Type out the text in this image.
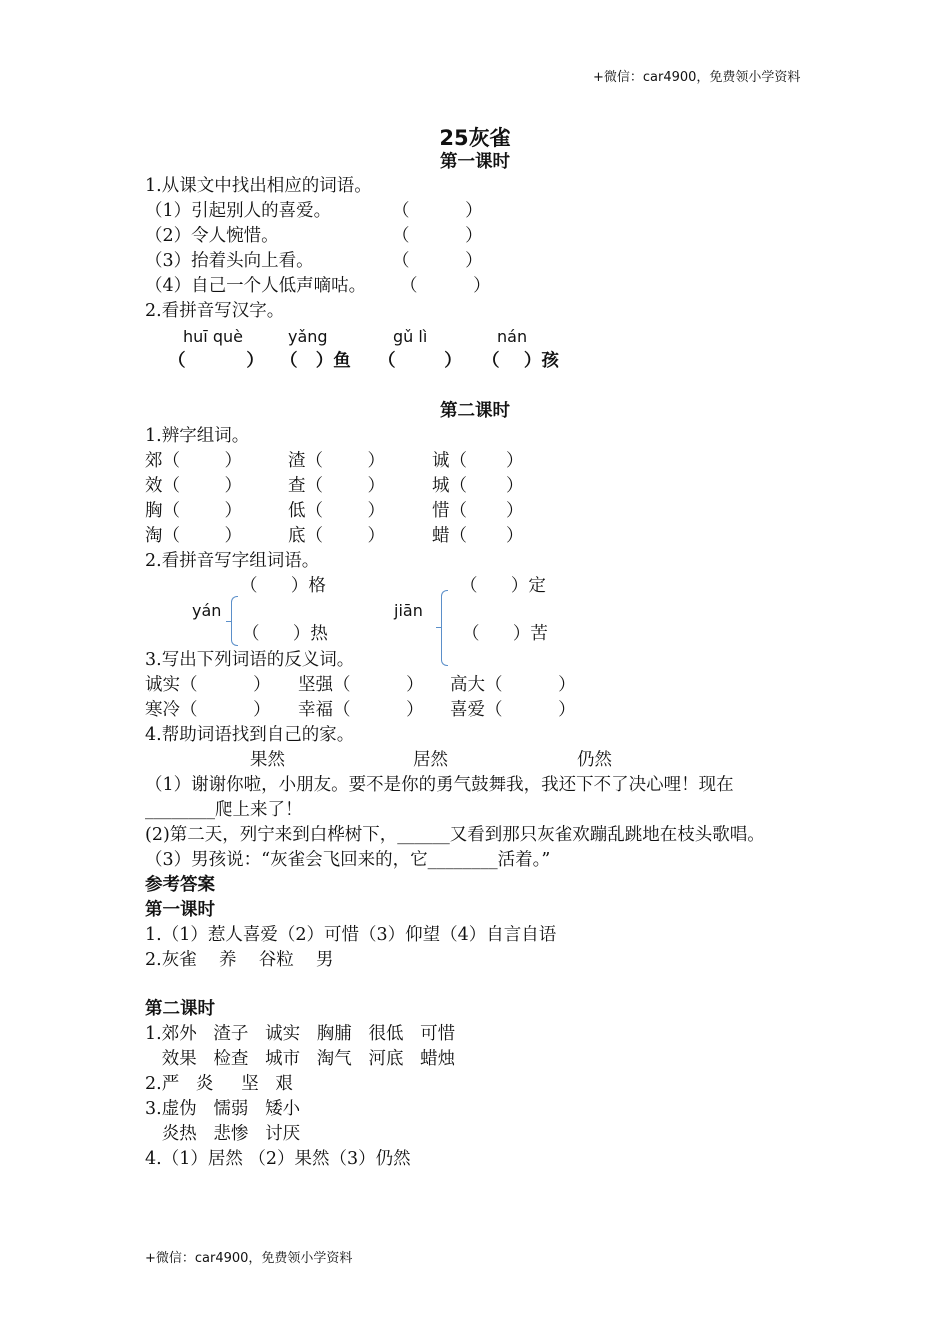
+微信：car4900，免费领小学资料
25灰雀
第一课时
1.从课文中找出相应的词语。
（1）引起别人的喜爱。	（          ）
（2）令人惋惜。	（          ）
（3）抬着头向上看。	（          ）
（4）自己一个人低声嘀咕。 （          ）
2.看拼音写汉字。
huī què	yǎng	gǔ lì	nán
（          ） （   ）鱼 （        ） （    ）孩
第二课时
1.辨字组词。
郊（        ）	渣（        ）	诚（       ）
效（        ）	查（        ）	城（       ）
胸（        ）	低（        ）	惜（       ）
淘（        ）	底（        ）	蜡（       ）
2.看拼音写字组词语。
（      ）格
yán
（      ）热
（      ）定
jiān
（      ）苦
3.写出下列词语的反义词。
诚实（          ） 坚强（          ） 高大（          ）
寒冷（          ） 幸福（          ） 喜爱（          ）
4.帮助词语找到自己的家。
果然	居然	仍然
（1）谢谢你啦，小朋友。要不是你的勇气鼓舞我，我还下不了决心哩！现在
________爬上来了！
(2)第二天，列宁来到白桦树下，______又看到那只灰雀欢蹦乱跳地在枝头歌唱。
（3）男孩说：“灰雀会飞回来的，它________活着。”
参考答案
第一课时
1.（1）惹人喜爱（2）可惜（3）仰望（4）自言自语
2.灰雀    养    谷粒    男
第二课时
1.郊外   渣子   诚实   胸脯   很低   可惜
效果   检查   城市   淘气   河底   蜡烛
2.严   炎     坚   艰
3.虚伪   懦弱   矮小
炎热   悲惨   讨厌
4.（1）居然 （2）果然（3）仍然
+微信：car4900，免费领小学资料
